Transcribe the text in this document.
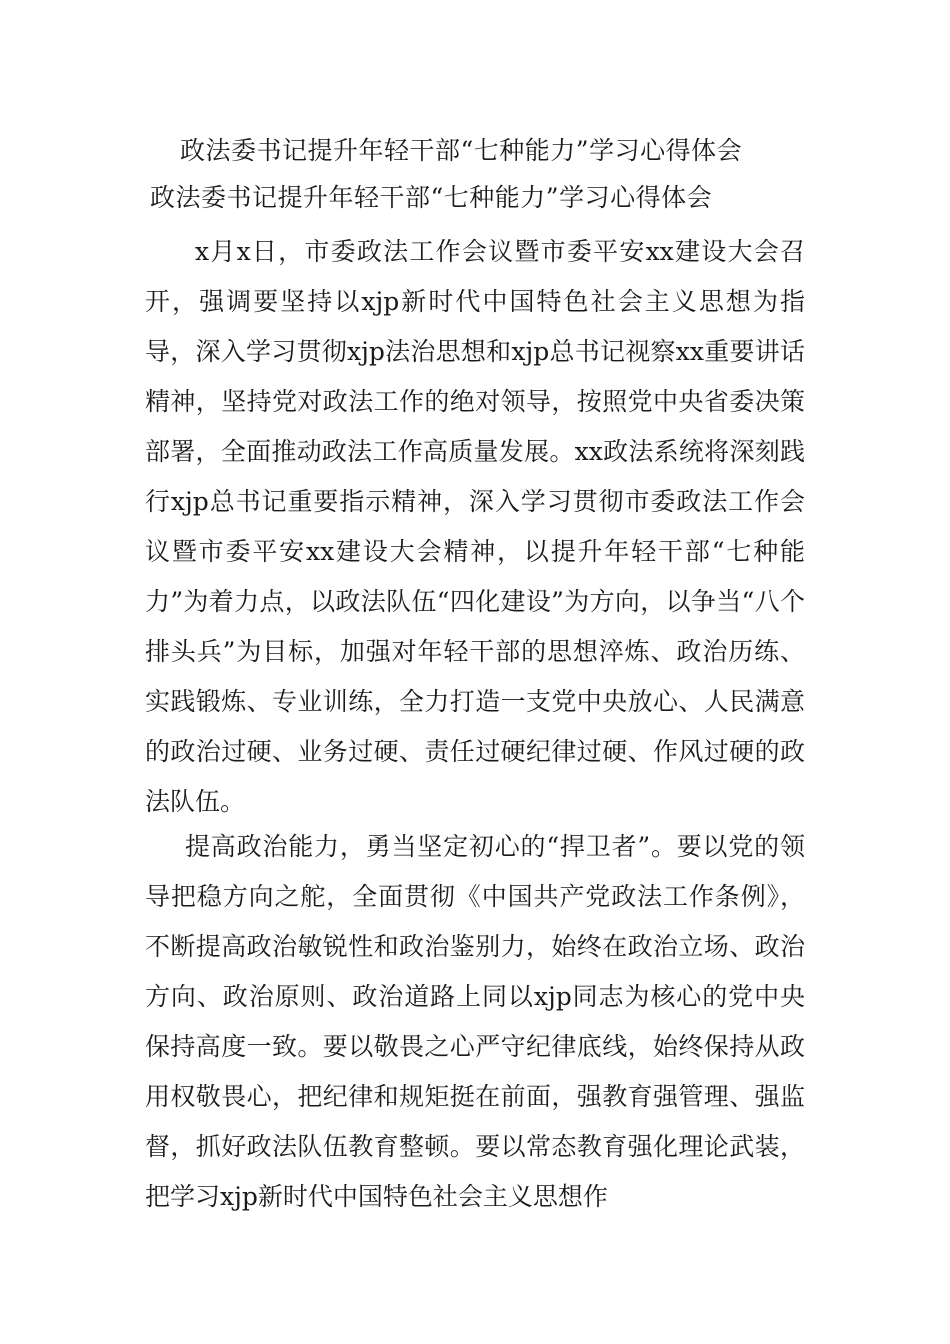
政法委书记提升年轻干部“七种能力”学习心得体会
政法委书记提升年轻干部“七种能力”学习心得体会

x月x日，市委政法工作会议暨市委平安xx建设大会召开，强调要坚持以xjp新时代中国特色社会主义思想为指导，深入学习贯彻xjp法治思想和xjp总书记视察xx重要讲话精神，坚持党对政法工作的绝对领导，按照党中央省委决策部署，全面推动政法工作高质量发展。xx政法系统将深刻践行xjp总书记重要指示精神，深入学习贯彻市委政法工作会议暨市委平安xx建设大会精神，以提升年轻干部“七种能力”为着力点，以政法队伍“四化建设”为方向，以争当“八个排头兵”为目标，加强对年轻干部的思想淬炼、政治历练、实践锻炼、专业训练，全力打造一支党中央放心、人民满意的政治过硬、业务过硬、责任过硬纪律过硬、作风过硬的政法队伍。

提高政治能力，勇当坚定初心的“捍卫者”。要以党的领导把稳方向之舵，全面贯彻《中国共产党政法工作条例》，不断提高政治敏锐性和政治鉴别力，始终在政治立场、政治方向、政治原则、政治道路上同以xjp同志为核心的党中央保持高度一致。要以敬畏之心严守纪律底线，始终保持从政用权敬畏心，把纪律和规矩挺在前面，强教育强管理、强监督，抓好政法队伍教育整顿。要以常态教育强化理论武装，把学习xjp新时代中国特色社会主义思想作
